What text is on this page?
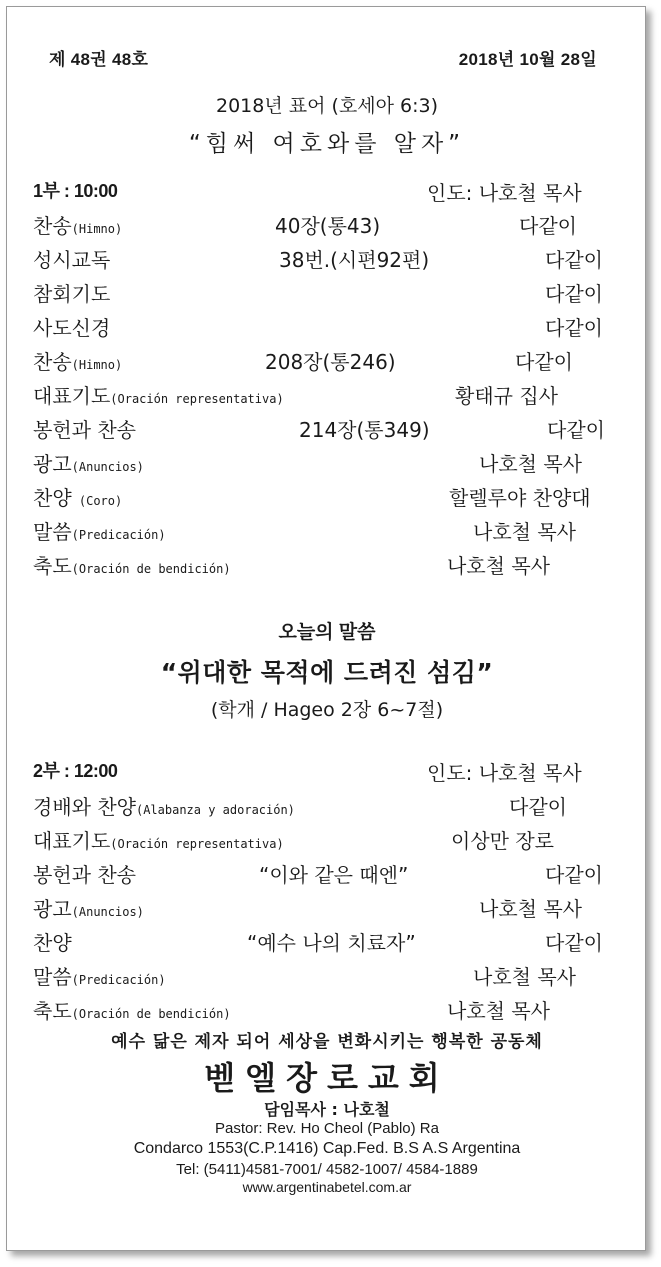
제 48권 48호	2018년 10월 28일
2018년 표어 (호세아 6:3)
“힘써 여호와를 알자”
1부 : 10:00	인도: 나호철 목사
찬송(Himno)	40장(통43)	다같이
성시교독	38번.(시편92편)	다같이
참회기도	다같이
사도신경	다같이
찬송(Himno)	208장(통246)	다같이
대표기도(Oración representativa)	황태규 집사
봉헌과 찬송	214장(통349)	다같이
광고(Anuncios)	나호철 목사
찬양 (Coro)	할렐루야 찬양대
말씀(Predicación)	나호철 목사
축도(Oración de bendición)	나호철 목사
오늘의 말씀
“위대한 목적에 드려진 섬김”
(학개 / Hageo 2장 6~7절)
2부 : 12:00	인도: 나호철 목사
경배와 찬양(Alabanza y adoración)	다같이
대표기도(Oración representativa)	이상만 장로
봉헌과 찬송	“이와 같은 때엔”	다같이
광고(Anuncios)	나호철 목사
찬양	“예수 나의 치료자”	다같이
말씀(Predicación)	나호철 목사
축도(Oración de bendición)	나호철 목사
예수 닮은 제자 되어 세상을 변화시키는 행복한 공동체
벧엘장로교회
담임목사 : 나호철
Pastor: Rev. Ho Cheol (Pablo) Ra
Condarco 1553(C.P.1416) Cap.Fed. B.S A.S Argentina
Tel: (5411)4581-7001/ 4582-1007/ 4584-1889
www.argentinabetel.com.ar
